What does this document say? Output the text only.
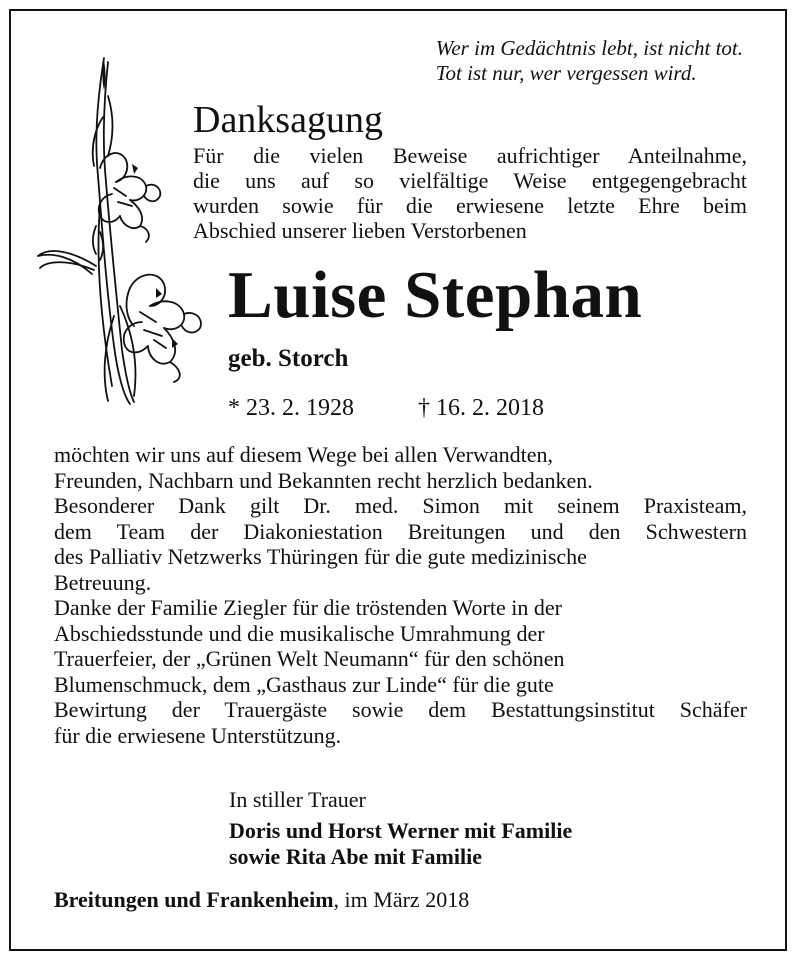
Wer im Gedächtnis lebt, ist nicht tot.
Tot ist nur, wer vergessen wird.
Danksagung
Für die vielen Beweise aufrichtiger Anteilnahme,
die uns auf so vielfältige Weise entgegengebracht
wurden sowie für die erwiesene letzte Ehre beim
Abschied unserer lieben Verstorbenen
Luise Stephan
geb. Storch
* 23. 2. 1928	† 16. 2. 2018
möchten wir uns auf diesem Wege bei allen Verwandten,
Freunden, Nachbarn und Bekannten recht herzlich bedanken.
Besonderer Dank gilt Dr. med. Simon mit seinem Praxisteam,
dem Team der Diakoniestation Breitungen und den Schwestern
des Palliativ Netzwerks Thüringen für die gute medizinische
Betreuung.
Danke der Familie Ziegler für die tröstenden Worte in der
Abschiedsstunde und die musikalische Umrahmung der
Trauerfeier, der „Grünen Welt Neumann“ für den schönen
Blumenschmuck, dem „Gasthaus zur Linde“ für die gute
Bewirtung der Trauergäste sowie dem Bestattungsinstitut Schäfer
für die erwiesene Unterstützung.
In stiller Trauer
Doris und Horst Werner mit Familie
sowie Rita Abe mit Familie
Breitungen und Frankenheim, im März 2018
